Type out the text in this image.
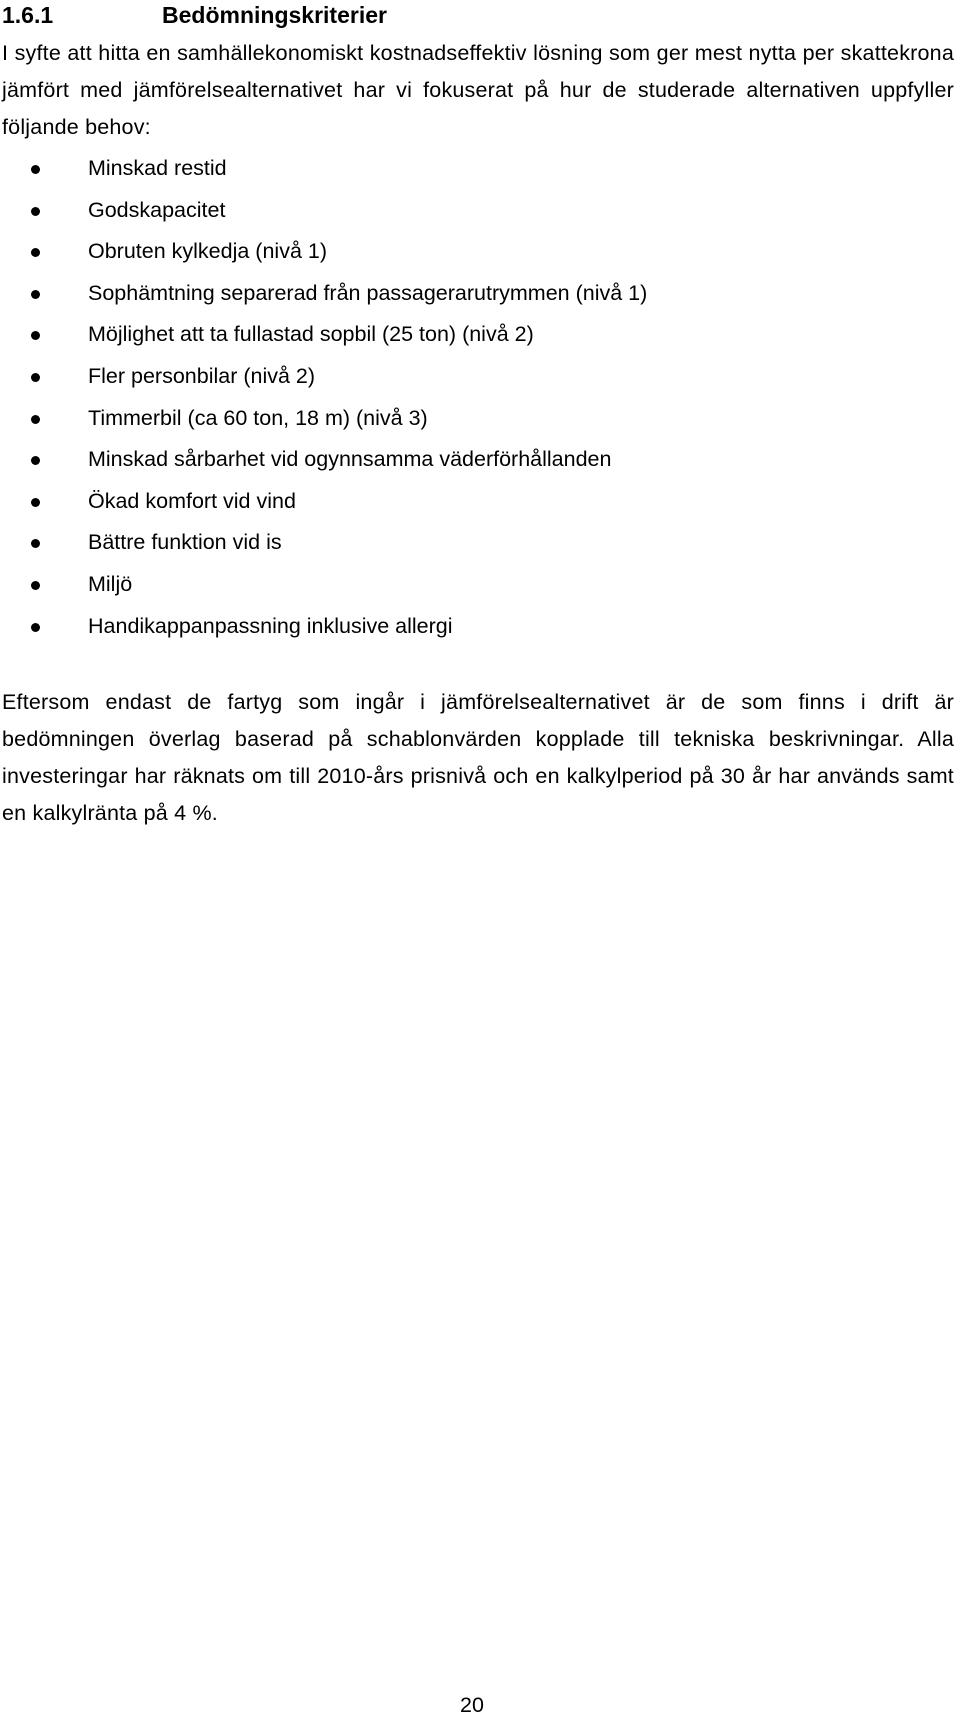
1.6.1	Bedömningskriterier
I syfte att hitta en samhällekonomiskt kostnadseffektiv lösning som ger mest nytta per skattekrona jämfört med jämförelsealternativet har vi fokuserat på hur de studerade alternativen uppfyller följande behov:
Minskad restid
Godskapacitet
Obruten kylkedja (nivå 1)
Sophämtning separerad från passagerarutrymmen (nivå 1)
Möjlighet att ta fullastad sopbil (25 ton) (nivå 2)
Fler personbilar (nivå 2)
Timmerbil (ca 60 ton, 18 m) (nivå 3)
Minskad sårbarhet vid ogynnsamma väderförhållanden
Ökad komfort vid vind
Bättre funktion vid is
Miljö
Handikappanpassning inklusive allergi
Eftersom endast de fartyg som ingår i jämförelsealternativet är de som finns i drift är bedömningen överlag baserad på schablonvärden kopplade till tekniska beskrivningar. Alla investeringar har räknats om till 2010-års prisnivå och en kalkylperiod på 30 år har används samt en kalkylränta på 4 %.
20
